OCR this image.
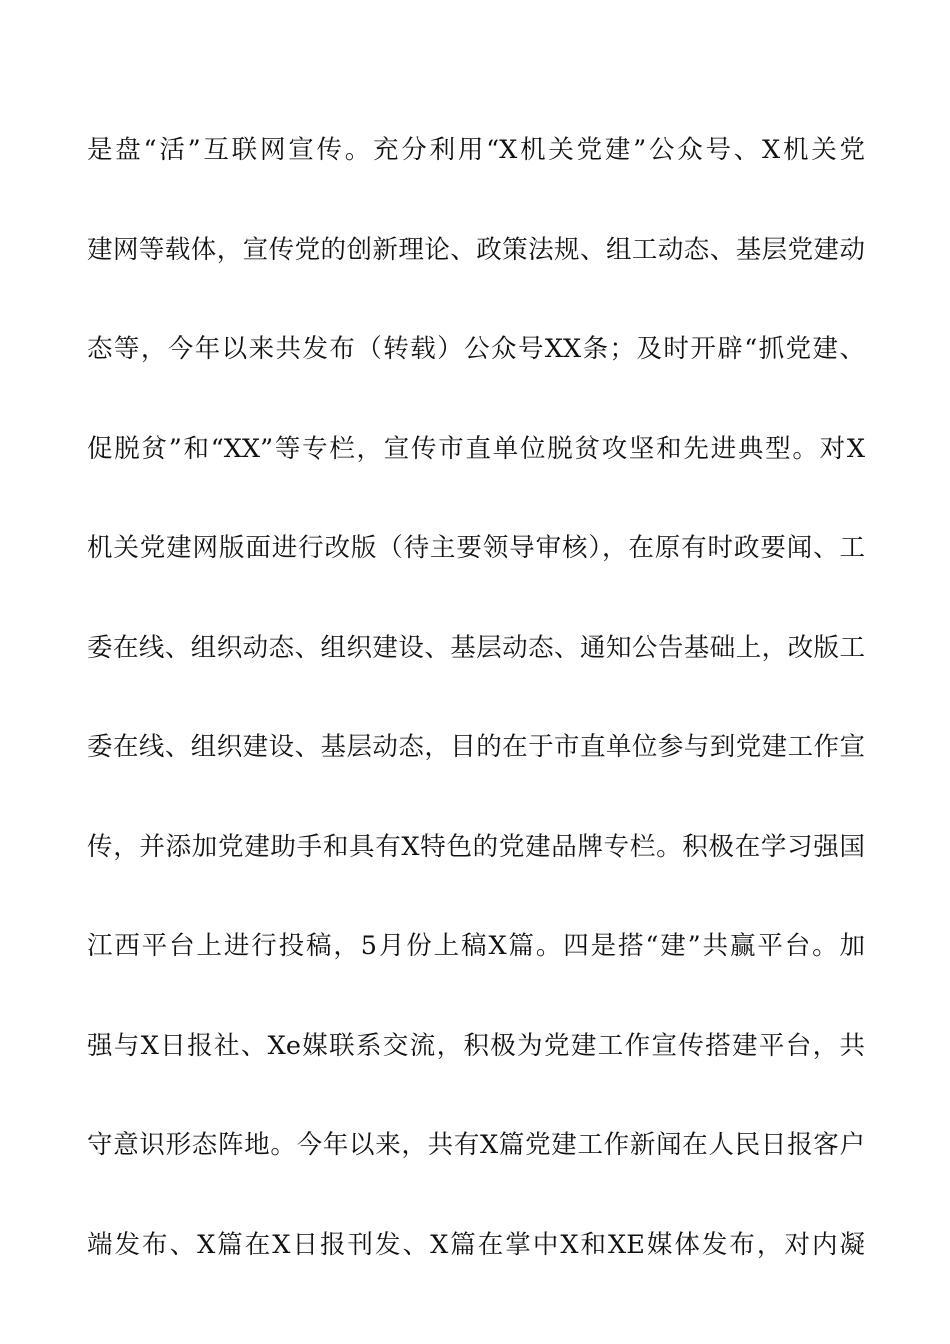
是盘“活”互联网宣传。充分利用“X机关党建”公众号、X机关党
建网等载体，宣传党的创新理论、政策法规、组工动态、基层党建动
态等，今年以来共发布（转载）公众号XX条；及时开辟“抓党建、
促脱贫”和“XX”等专栏，宣传市直单位脱贫攻坚和先进典型。对X
机关党建网版面进行改版（待主要领导审核），在原有时政要闻、工
委在线、组织动态、组织建设、基层动态、通知公告基础上，改版工
委在线、组织建设、基层动态，目的在于市直单位参与到党建工作宣
传，并添加党建助手和具有X特色的党建品牌专栏。积极在学习强国
江西平台上进行投稿，5月份上稿X篇。四是搭“建”共赢平台。加
强与X日报社、Xe媒联系交流，积极为党建工作宣传搭建平台，共
守意识形态阵地。今年以来，共有X篇党建工作新闻在人民日报客户
端发布、X篇在X日报刊发、X篇在掌中X和XE媒体发布，对内凝
